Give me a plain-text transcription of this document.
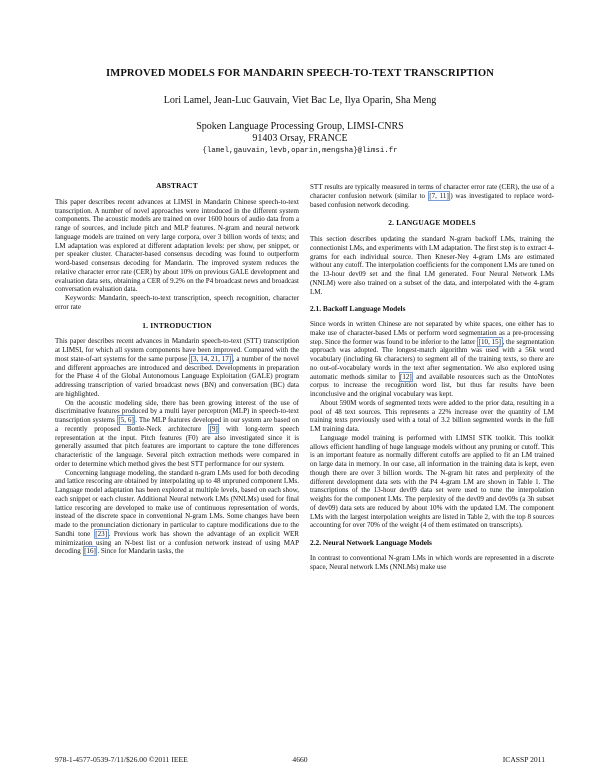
IMPROVED MODELS FOR MANDARIN SPEECH-TO-TEXT TRANSCRIPTION
Lori Lamel, Jean-Luc Gauvain, Viet Bac Le, Ilya Oparin, Sha Meng
Spoken Language Processing Group, LIMSI-CNRS
91403 Orsay, FRANCE
{lamel,gauvain,levb,oparin,mengsha}@limsi.fr
ABSTRACT

This paper describes recent advances at LIMSI in Mandarin Chinese speech-to-text transcription. A number of novel approaches were introduced in the different system components. The acoustic models are trained on over 1600 hours of audio data from a range of sources, and include pitch and MLP features. N-gram and neural network language models are trained on very large corpora, over 3 billion words of texts; and LM adaptation was explored at different adaptation levels: per show, per snippet, or per speaker cluster. Character-based consensus decoding was found to outperform word-based consensus decoding for Mandarin. The improved system reduces the relative character error rate (CER) by about 10% on previous GALE development and evaluation data sets, obtaining a CER of 9.2% on the P4 broadcast news and broadcast conversation evaluation data.

Keywords: Mandarin, speech-to-text transcription, speech recognition, character error rate

1. INTRODUCTION

This paper describes recent advances in Mandarin speech-to-text (STT) transcription at LIMSI, for which all system components have been improved. Compared with the most state-of-art systems for the same purpose [3, 14, 21, 17] , a number of the novel and different approaches are introduced and described. Developments in preparation for the Phase 4 of the Global Autonomous Language Exploitation (GALE) program addressing transcription of varied broadcast news (BN) and conversation (BC) data are highlighted.

On the acoustic modeling side, there has been growing interest of the use of discriminative features produced by a multi layer perceptron (MLP) in speech-to-text transcription systems [5, 6] . The MLP features developed in our system are based on a recently proposed Bottle-Neck architecture [9] with long-term speech representation at the input. Pitch features (F0) are also investigated since it is generally assumed that pitch features are important to capture the tone differences characteristic of the language. Several pitch extraction methods were compared in order to determine which method gives the best STT performance for our system.

Concerning language modeling, the standard n-gram LMs used for both decoding and lattice rescoring are obtained by interpolating up to 48 unpruned component LMs. Language model adaptation has been explored at multiple levels, based on each show, each snippet or each cluster. Additional Neural network LMs (NNLMs) used for final lattice rescoring are developed to make use of continuous representation of words, instead of the discrete space in conventional N-gram LMs. Some changes have been made to the pronunciation dictionary in particular to capture modifications due to the Sandhi tone [23] . Previous work has shown the advantage of an explicit WER minimization using an N-best list or a confusion network instead of using MAP decoding [16] . Since for Mandarin tasks, the

STT results are typically measured in terms of character error rate (CER), the use of a character confusion network (similar to [7, 11] ) was investigated to replace word-based confusion network decoding.

2. LANGUAGE MODELS

This section describes updating the standard N-gram backoff LMs, training the connectionist LMs, and experiments with LM adaptation. The first step is to extract 4-grams for each individual source. Then Kneser-Ney 4-gram LMs are estimated without any cutoff. The interpolation coefficients for the component LMs are tuned on the 13-hour dev09 set and the final LM generated. Four Neural Network LMs (NNLM) were also trained on a subset of the data, and interpolated with the 4-gram LM.

2.1. Backoff Language Models

Since words in written Chinese are not separated by white spaces, one either has to make use of character-based LMs or perform word segmentation as a pre-processing step. Since the former was found to be inferior to the latter [10, 15] , the segmentation approach was adopted. The longest-match algorithm was used with a 56k word vocabulary (including 6k characters) to segment all of the training texts, so there are no out-of-vocabulary words in the text after segmentation. We also explored using automatic methods similar to [12] and available resources such as the OntoNotes corpus to increase the recognition word list, but thus far results have been inconclusive and the original vocabulary was kept.

About 590M words of segmented texts were added to the prior data, resulting in a pool of 48 text sources. This represents a 22% increase over the quantity of LM training texts previously used with a total of 3.2 billion segmented words in the full LM training data.

Language model training is performed with LIMSI STK toolkit. This toolkit allows efficient handling of huge language models without any pruning or cutoff. This is an important feature as normally different cutoffs are applied to fit an LM trained on large data in memory. In our case, all information in the training data is kept, even though there are over 3 billion words. The N-gram hit rates and perplexity of the different development data sets with the P4 4-gram LM are shown in Table 1. The transcriptions of the 13-hour dev09 data set were used to tune the interpolation weights for the component LMs. The perplexity of the dev09 and dev09s (a 3h subset of dev09) data sets are reduced by about 10% with the updated LM. The component LMs with the largest interpolation weights are listed in Table 2, with the top 8 sources accounting for over 70% of the weight (4 of them estimated on transcripts).

2.2. Neural Network Language Models

In contrast to conventional N-gram LMs in which words are represented in a discrete space, Neural network LMs (NNLMs) make use

978-1-4577-0539-7/11/$26.00 ©2011 IEEE	4660	ICASSP 2011
